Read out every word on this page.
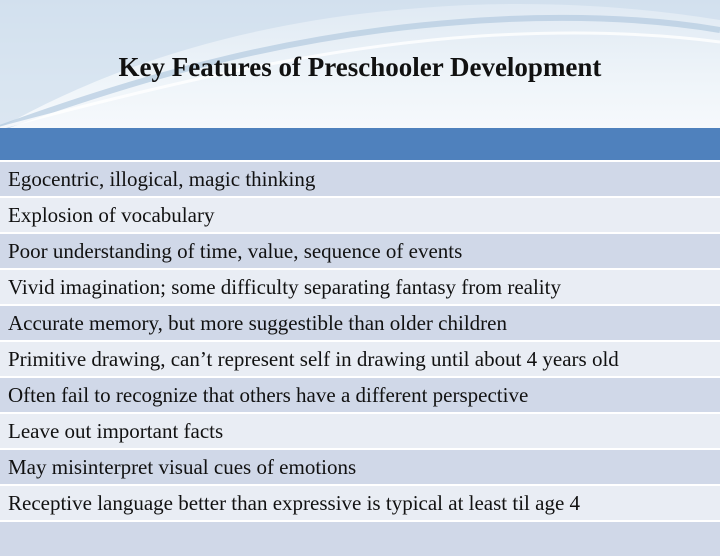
Key Features of Preschooler Development
Egocentric, illogical, magic thinking
Explosion of vocabulary
Poor understanding of time, value, sequence of events
Vivid imagination; some difficulty separating fantasy from reality
Accurate memory, but more suggestible than older children
Primitive drawing, can’t represent self in drawing until about 4 years old
Often fail to recognize that others have a different perspective
Leave out important facts
May misinterpret visual cues of emotions
Receptive language better than expressive is typical at least til age 4
